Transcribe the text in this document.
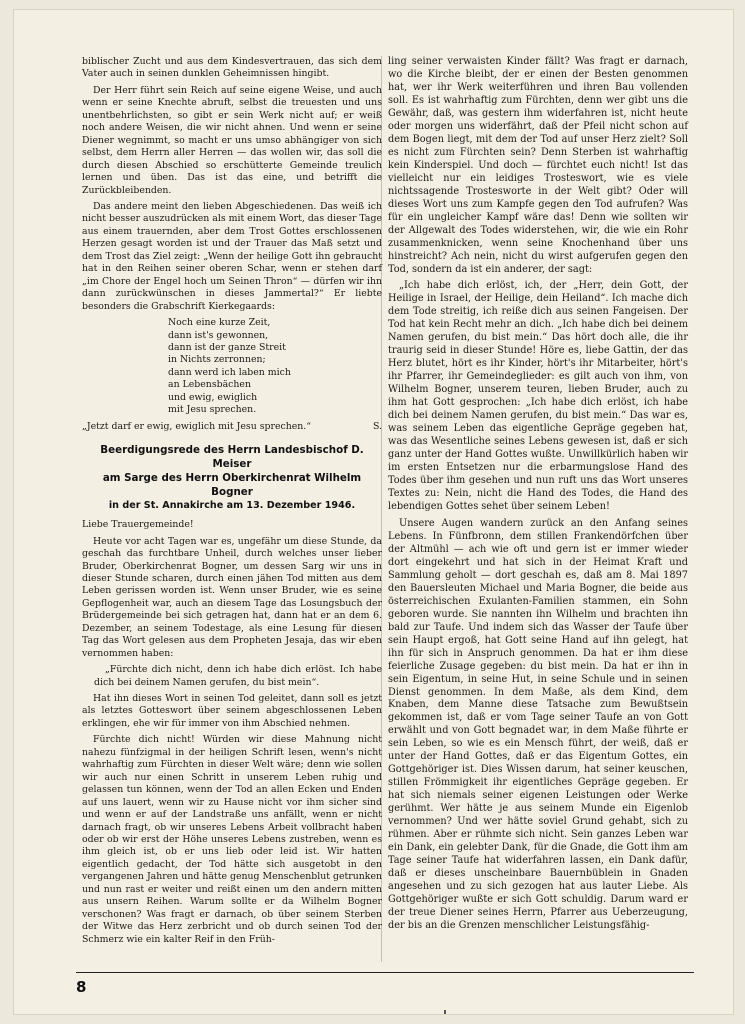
biblischer Zucht und aus dem Kindesvertrauen, das sich dem Vater auch in seinen dunklen Geheimnissen hingibt.

Der Herr führt sein Reich auf seine eigene Weise, und auch wenn er seine Knechte abruft, selbst die treuesten und uns unentbehrlichsten, so gibt er sein Werk nicht auf; er weiß noch andere Weisen, die wir nicht ahnen. Und wenn er seine Diener wegnimmt, so macht er uns umso abhängiger von sich selbst, dem Herrn aller Herren — das wollen wir, das soll die durch diesen Abschied so erschütterte Gemeinde treulich lernen und üben. Das ist das eine, und betrifft die Zurückbleibenden.

Das andere meint den lieben Abgeschiedenen. Das weiß ich nicht besser auszudrücken als mit einem Wort, das dieser Tage aus einem trauernden, aber dem Trost Gottes erschlossenen Herzen gesagt worden ist und der Trauer das Maß setzt und dem Trost das Ziel zeigt: „Wenn der heilige Gott ihn gebraucht hat in den Reihen seiner oberen Schar, wenn er stehen darf „im Chore der Engel hoch um Seinen Thron“ — dürfen wir ihn dann zurückwünschen in dieses Jammertal?“ Er liebte besonders die Grabschrift Kierkegaards:

Noch eine kurze Zeit,
dann ist's gewonnen,
dann ist der ganze Streit
in Nichts zerronnen;
dann werd ich laben mich
an Lebensbächen
und ewig, ewiglich
mit Jesu sprechen.
„Jetzt darf er ewig, ewiglich mit Jesu sprechen.“	S.
Beerdigungsrede des Herrn Landesbischof D. Meiser
am Sarge des Herrn Oberkirchenrat Wilhelm Bogner
in der St. Annakirche am 13. Dezember 1946.

Liebe Trauergemeinde!

Heute vor acht Tagen war es, ungefähr um diese Stunde, da geschah das furchtbare Unheil, durch welches unser lieber Bruder, Oberkirchenrat Bogner, um dessen Sarg wir uns in dieser Stunde scharen, durch einen jähen Tod mitten aus dem Leben gerissen worden ist. Wenn unser Bruder, wie es seine Gepflogenheit war, auch an diesem Tage das Losungsbuch der Brüdergemeinde bei sich getragen hat, dann hat er an dem 6. Dezember, an seinem Todestage, als eine Lesung für diesen Tag das Wort gelesen aus dem Propheten Jesaja, das wir eben vernommen haben:

„Fürchte dich nicht, denn ich habe dich erlöst. Ich habe dich bei deinem Namen gerufen, du bist mein“.

Hat ihn dieses Wort in seinen Tod geleitet, dann soll es jetzt als letztes Gotteswort über seinem abgeschlossenen Leben erklingen, ehe wir für immer von ihm Abschied nehmen.

Fürchte dich nicht! Würden wir diese Mahnung nicht nahezu fünfzigmal in der heiligen Schrift lesen, wenn's nicht wahrhaftig zum Fürchten in dieser Welt wäre; denn wie sollen wir auch nur einen Schritt in unserem Leben ruhig und gelassen tun können, wenn der Tod an allen Ecken und Enden auf uns lauert, wenn wir zu Hause nicht vor ihm sicher sind und wenn er auf der Landstraße uns anfällt, wenn er nicht darnach fragt, ob wir unseres Lebens Arbeit vollbracht haben oder ob wir erst der Höhe unseres Lebens zustreben, wenn es ihm gleich ist, ob er uns lieb oder leid ist. Wir hatten eigentlich gedacht, der Tod hätte sich ausgetobt in den vergangenen Jahren und hätte genug Menschenblut getrunken und nun rast er weiter und reißt einen um den andern mitten aus unsern Reihen. Warum sollte er da Wilhelm Bogner verschonen? Was fragt er darnach, ob über seinem Sterben der Witwe das Herz zerbricht und ob durch seinen Tod der Schmerz wie ein kalter Reif in den Früh-

ling seiner verwaisten Kinder fällt? Was fragt er darnach, wo die Kirche bleibt, der er einen der Besten genommen hat, wer ihr Werk weiterführen und ihren Bau vollenden soll. Es ist wahrhaftig zum Fürchten, denn wer gibt uns die Gewähr, daß, was gestern ihm widerfahren ist, nicht heute oder morgen uns widerfährt, daß der Pfeil nicht schon auf dem Bogen liegt, mit dem der Tod auf unser Herz zielt? Soll es nicht zum Fürchten sein? Denn Sterben ist wahrhaftig kein Kinderspiel. Und doch — fürchtet euch nicht! Ist das vielleicht nur ein leidiges Trosteswort, wie es viele nichtssagende Trostesworte in der Welt gibt? Oder will dieses Wort uns zum Kampfe gegen den Tod aufrufen? Was für ein ungleicher Kampf wäre das! Denn wie sollten wir der Allgewalt des Todes widerstehen, wir, die wie ein Rohr zusammenknicken, wenn seine Knochenhand über uns hinstreicht? Ach nein, nicht du wirst aufgerufen gegen den Tod, sondern da ist ein anderer, der sagt:

„Ich habe dich erlöst, ich, der „Herr, dein Gott, der Heilige in Israel, der Heilige, dein Heiland“. Ich mache dich dem Tode streitig, ich reiße dich aus seinen Fangeisen. Der Tod hat kein Recht mehr an dich. „Ich habe dich bei deinem Namen gerufen, du bist mein.“ Das hört doch alle, die ihr traurig seid in dieser Stunde! Höre es, liebe Gattin, der das Herz blutet, hört es ihr Kinder, hört's ihr Mitarbeiter, hört's ihr Pfarrer, ihr Gemeindeglieder: es gilt auch von ihm, von Wilhelm Bogner, unserem teuren, lieben Bruder, auch zu ihm hat Gott gesprochen: „Ich habe dich erlöst, ich habe dich bei deinem Namen gerufen, du bist mein.“ Das war es, was seinem Leben das eigentliche Gepräge gegeben hat, was das Wesentliche seines Lebens gewesen ist, daß er sich ganz unter der Hand Gottes wußte. Unwillkürlich haben wir im ersten Entsetzen nur die erbarmungslose Hand des Todes über ihm gesehen und nun ruft uns das Wort unseres Textes zu: Nein, nicht die Hand des Todes, die Hand des lebendigen Gottes sehet über seinem Leben!

Unsere Augen wandern zurück an den Anfang seines Lebens. In Fünfbronn, dem stillen Frankendörfchen über der Altmühl — ach wie oft und gern ist er immer wieder dort eingekehrt und hat sich in der Heimat Kraft und Sammlung geholt — dort geschah es, daß am 8. Mai 1897 den Bauersleuten Michael und Maria Bogner, die beide aus österreichischen Exulanten-Familien stammen, ein Sohn geboren wurde. Sie nannten ihn Wilhelm und brachten ihn bald zur Taufe. Und indem sich das Wasser der Taufe über sein Haupt ergoß, hat Gott seine Hand auf ihn gelegt, hat ihn für sich in Anspruch genommen. Da hat er ihm diese feierliche Zusage gegeben: du bist mein. Da hat er ihn in sein Eigentum, in seine Hut, in seine Schule und in seinen Dienst genommen. In dem Maße, als dem Kind, dem Knaben, dem Manne diese Tatsache zum Bewußtsein gekommen ist, daß er vom Tage seiner Taufe an von Gott erwählt und von Gott begnadet war, in dem Maße führte er sein Leben, so wie es ein Mensch führt, der weiß, daß er unter der Hand Gottes, daß er das Eigentum Gottes, ein Gottgehöriger ist. Dies Wissen darum, hat seiner keuschen, stillen Frömmigkeit ihr eigentliches Gepräge gegeben. Er hat sich niemals seiner eigenen Leistungen oder Werke gerühmt. Wer hätte je aus seinem Munde ein Eigenlob vernommen? Und wer hätte soviel Grund gehabt, sich zu rühmen. Aber er rühmte sich nicht. Sein ganzes Leben war ein Dank, ein gelebter Dank, für die Gnade, die Gott ihm am Tage seiner Taufe hat widerfahren lassen, ein Dank dafür, daß er dieses unscheinbare Bauernbüblein in Gnaden angesehen und zu sich gezogen hat aus lauter Liebe. Als Gottgehöriger wußte er sich Gott schuldig. Darum ward er der treue Diener seines Herrn, Pfarrer aus Ueberzeugung, der bis an die Grenzen menschlicher Leistungsfähig-

8
